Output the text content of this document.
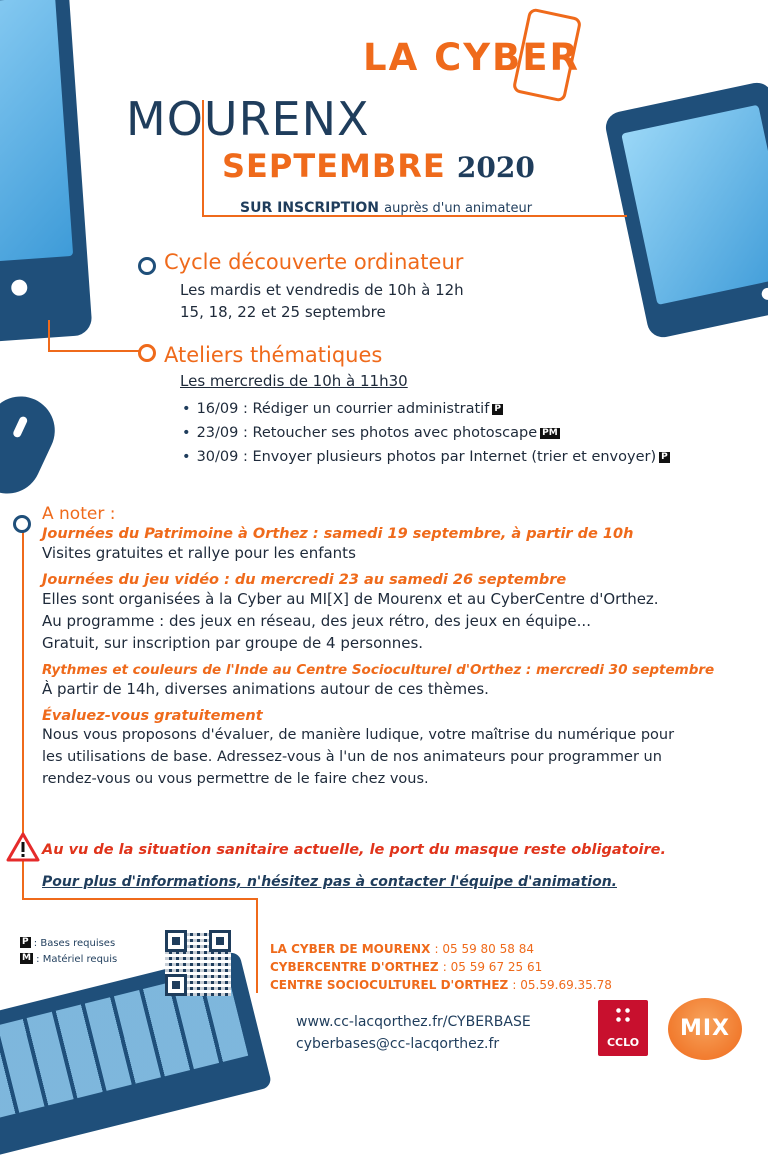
LA CYBER
MOURENX
SEPTEMBRE 2020
SUR INSCRIPTION auprès d'un animateur
Cycle découverte ordinateur
Les mardis et vendredis de 10h à 12h
15, 18, 22 et 25 septembre
Ateliers thématiques
Les mercredis de 10h à 11h30
• 16/09 : Rédiger un courrier administratif P
• 23/09 : Retoucher ses photos avec photoscape PM
• 30/09 : Envoyer plusieurs photos par Internet (trier et envoyer) P
A noter :
Journées du Patrimoine à Orthez : samedi 19 septembre, à partir de 10h
Visites gratuites et rallye pour les enfants
Journées du jeu vidéo : du mercredi 23 au samedi 26 septembre
Elles sont organisées à la Cyber au MI[X] de Mourenx et au CyberCentre d'Orthez.
Au programme : des jeux en réseau, des jeux rétro, des jeux en équipe...
Gratuit, sur inscription par groupe de 4 personnes.
Rythmes et couleurs de l'Inde au Centre Socioculturel d'Orthez : mercredi 30 septembre
À partir de 14h, diverses animations autour de ces thèmes.
Évaluez-vous gratuitement
Nous vous proposons d'évaluer, de manière ludique, votre maîtrise du numérique pour
les utilisations de base. Adressez-vous à l'un de nos animateurs pour programmer un
rendez-vous ou vous permettre de le faire chez vous.
Au vu de la situation sanitaire actuelle, le port du masque reste obligatoire.
Pour plus d'informations, n'hésitez pas à contacter l'équipe d'animation.
P : Bases requises
M : Matériel requis
LA CYBER DE MOURENX : 05 59 80 58 84
CYBERCENTRE D'ORTHEZ : 05 59 67 25 61
CENTRE SOCIOCULTUREL D'ORTHEZ : 05.59.69.35.78
www.cc-lacqorthez.fr/CYBERBASE
cyberbases@cc-lacqorthez.fr	CCLO
MIX
